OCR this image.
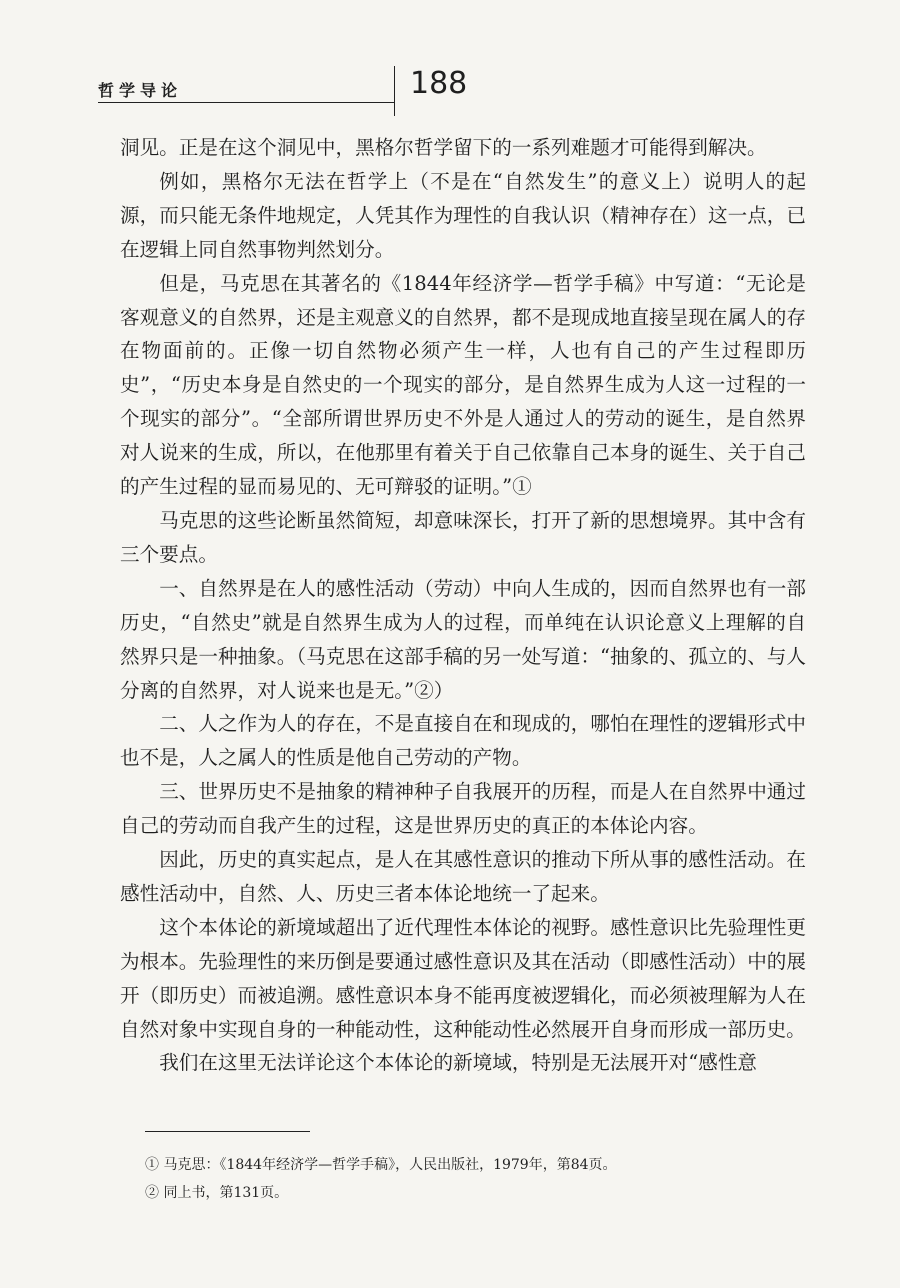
哲学导论	188

洞见。正是在这个洞见中，黑格尔哲学留下的一系列难题才可能得到解决。

例如，黑格尔无法在哲学上（不是在“自然发生”的意义上）说明人的起源，而只能无条件地规定，人凭其作为理性的自我认识（精神存在）这一点，已在逻辑上同自然事物判然划分。

但是，马克思在其著名的《1844年经济学—哲学手稿》中写道：“无论是客观意义的自然界，还是主观意义的自然界，都不是现成地直接呈现在属人的存在物面前的。正像一切自然物必须产生一样，人也有自己的产生过程即历史”，“历史本身是自然史的一个现实的部分，是自然界生成为人这一过程的一个现实的部分”。“全部所谓世界历史不外是人通过人的劳动的诞生，是自然界对人说来的生成，所以，在他那里有着关于自己依靠自己本身的诞生、关于自己的产生过程的显而易见的、无可辩驳的证明。”①

马克思的这些论断虽然简短，却意味深长，打开了新的思想境界。其中含有三个要点。

一、自然界是在人的感性活动（劳动）中向人生成的，因而自然界也有一部历史，“自然史”就是自然界生成为人的过程，而单纯在认识论意义上理解的自然界只是一种抽象。（马克思在这部手稿的另一处写道：“抽象的、孤立的、与人分离的自然界，对人说来也是无。”②）

二、人之作为人的存在，不是直接自在和现成的，哪怕在理性的逻辑形式中也不是，人之属人的性质是他自己劳动的产物。

三、世界历史不是抽象的精神种子自我展开的历程，而是人在自然界中通过自己的劳动而自我产生的过程，这是世界历史的真正的本体论内容。

因此，历史的真实起点，是人在其感性意识的推动下所从事的感性活动。在感性活动中，自然、人、历史三者本体论地统一了起来。

这个本体论的新境域超出了近代理性本体论的视野。感性意识比先验理性更为根本。先验理性的来历倒是要通过感性意识及其在活动（即感性活动）中的展开（即历史）而被追溯。感性意识本身不能再度被逻辑化，而必须被理解为人在自然对象中实现自身的一种能动性，这种能动性必然展开自身而形成一部历史。

我们在这里无法详论这个本体论的新境域，特别是无法展开对“感性意

① 马克思：《1844年经济学—哲学手稿》，人民出版社，1979年，第84页。

② 同上书，第131页。
